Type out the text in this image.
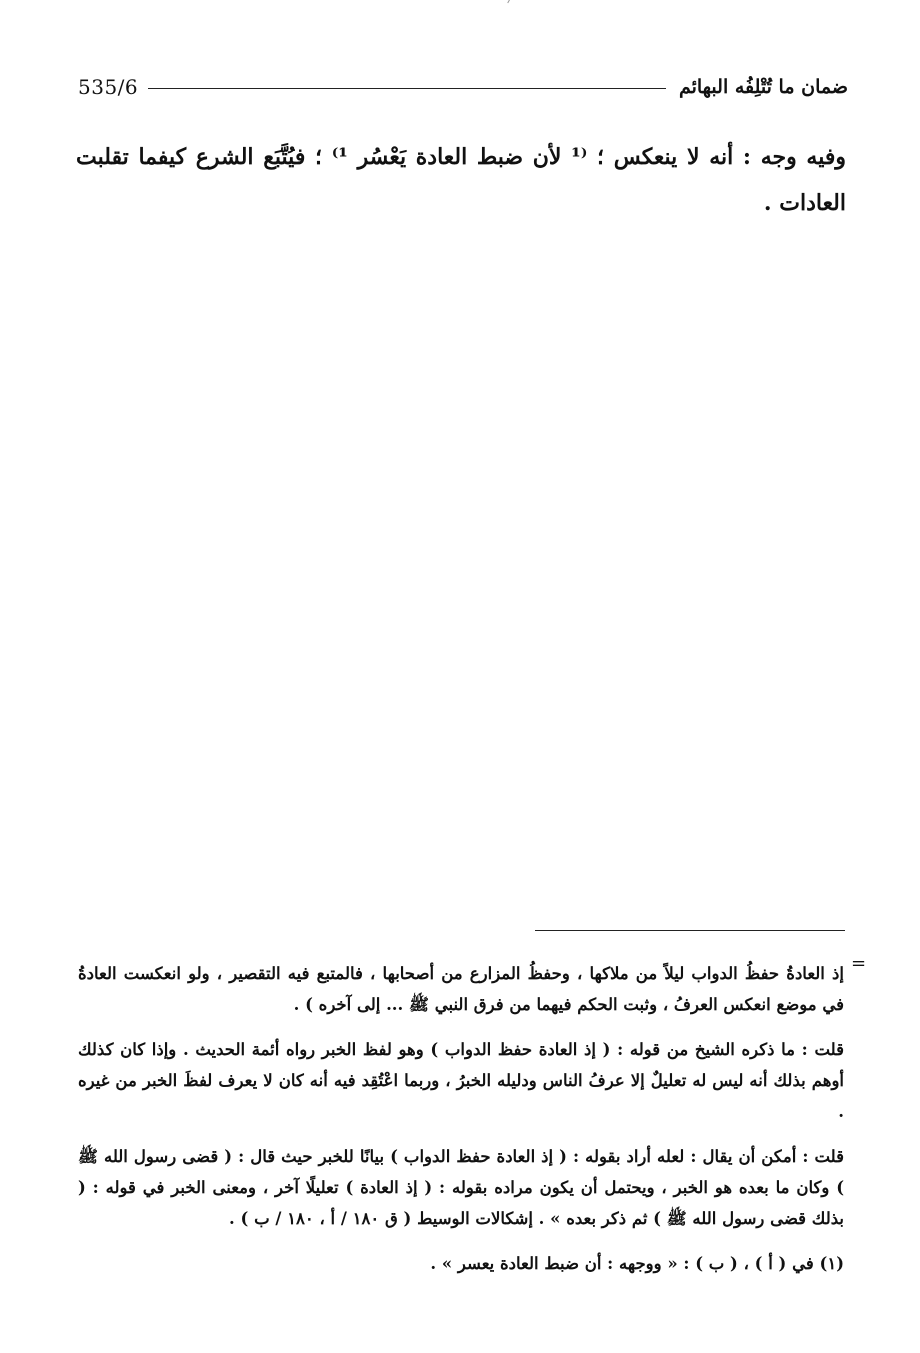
535/6	ضمان ما تُتْلِفُه البهائم

وفيه وجه : أنه لا ينعكس ؛ ⁽¹ لأن ضبط العادة يَعْسُر ¹⁾ ؛ فيُتَّبَع الشرع كيفما تقلبت العادات .

=

إذ العادةُ حفظُ الدواب ليلاً من ملاكها ، وحفظُ المزارع من أصحابها ، فالمتبع فيه التقصير ، ولو انعكست العادةُ في موضع انعكس العرفُ ، وثبت الحكم فيهما من فرق النبي ﷺ ... إلى آخره ) .

قلت : ما ذكره الشيخ من قوله : ( إذ العادة حفظ الدواب ) وهو لفظ الخبر رواه أئمة الحديث . وإذا كان كذلك أوهم بذلك أنه ليس له تعليلٌ إلا عرفُ الناس ودليله الخبرُ ، وربما اعْتُقِد فيه أنه كان لا يعرف لفظَ الخبر من غيره .

قلت : أمكن أن يقال : لعله أراد بقوله : ( إذ العادة حفظ الدواب ) بيانًا للخبر حيث قال : ( قضى رسول الله ﷺ ) وكان ما بعده هو الخبر ، ويحتمل أن يكون مراده بقوله : ( إذ العادة ) تعليلًا آخر ، ومعنى الخبر في قوله : ( بذلك قضى رسول الله ﷺ ) ثم ذكر بعده » . إشكالات الوسيط ( ق ١٨٠ / أ ، ١٨٠ / ب ) .

(١) في ( أ ) ، ( ب ) : « ووجهه : أن ضبط العادة يعسر » .
